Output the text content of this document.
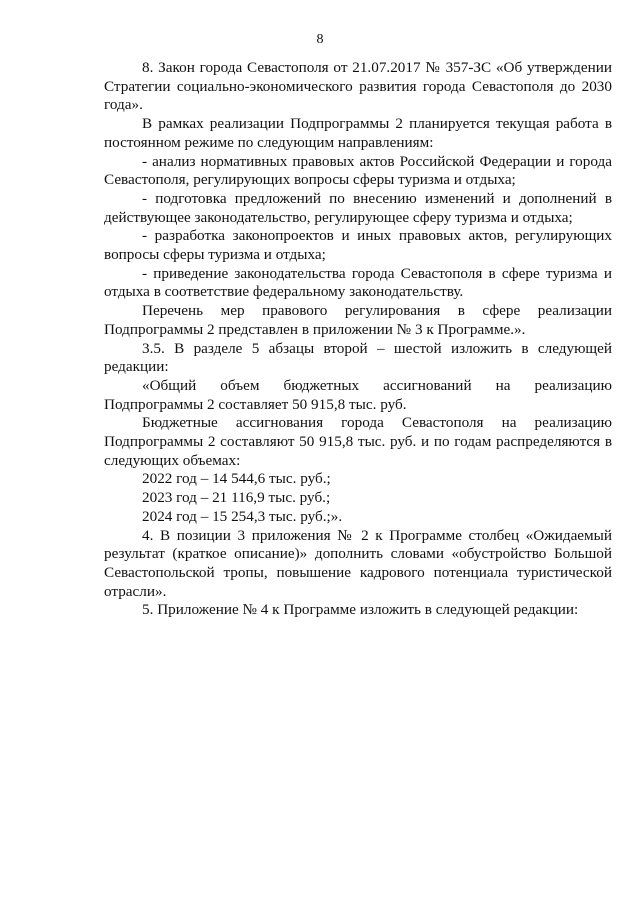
8

8. Закон города Севастополя от 21.07.2017 № 357-ЗС «Об утверждении Стратегии социально-экономического развития города Севастополя до 2030 года».

В рамках реализации Подпрограммы 2 планируется текущая работа в постоянном режиме по следующим направлениям:

- анализ нормативных правовых актов Российской Федерации и города Севастополя, регулирующих вопросы сферы туризма и отдыха;

- подготовка предложений по внесению изменений и дополнений в действующее законодательство, регулирующее сферу туризма и отдыха;

- разработка законопроектов и иных правовых актов, регулирующих вопросы сферы туризма и отдыха;

- приведение законодательства города Севастополя в сфере туризма и отдыха в соответствие федеральному законодательству.

Перечень мер правового регулирования в сфере реализации Подпрограммы 2 представлен в приложении № 3 к Программе.».

3.5. В разделе 5 абзацы второй – шестой изложить в следующей редакции:

«Общий объем бюджетных ассигнований на реализацию Подпрограммы 2 составляет 50 915,8 тыс. руб.

Бюджетные ассигнования города Севастополя на реализацию Подпрограммы 2 составляют 50 915,8 тыс. руб. и по годам распределяются в следующих объемах:

2022 год – 14 544,6 тыс. руб.;

2023 год – 21 116,9 тыс. руб.;

2024 год – 15 254,3 тыс. руб.;».

4. В позиции 3 приложения № 2 к Программе столбец «Ожидаемый результат (краткое описание)» дополнить словами «обустройство Большой Севастопольской тропы, повышение кадрового потенциала туристической отрасли».

5. Приложение № 4 к Программе изложить в следующей редакции:
